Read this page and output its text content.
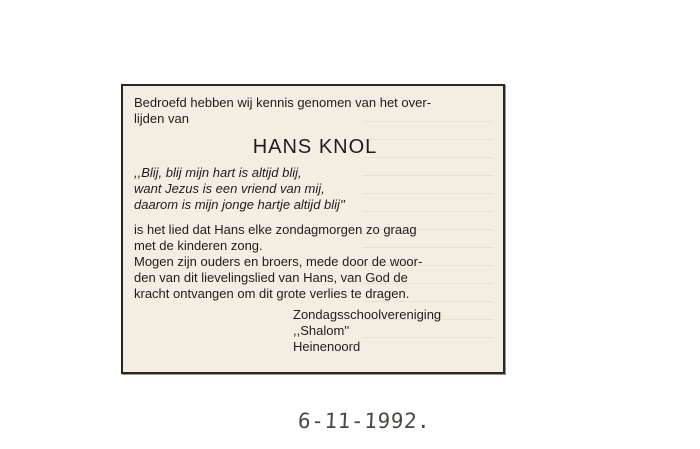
Bedroefd hebben wij kennis genomen van het over-
lijden van
HANS KNOL
,,Blij, blij mijn hart is altijd blij,
want Jezus is een vriend van mij,
daarom is mijn jonge hartje altijd blij''
is het lied dat Hans elke zondagmorgen zo graag
met de kinderen zong.
Mogen zijn ouders en broers, mede door de woor-
den van dit lievelingslied van Hans, van God de
kracht ontvangen om dit grote verlies te dragen.
Zondagsschoolvereniging
,,Shalom''
Heinenoord
6-11-1992.
